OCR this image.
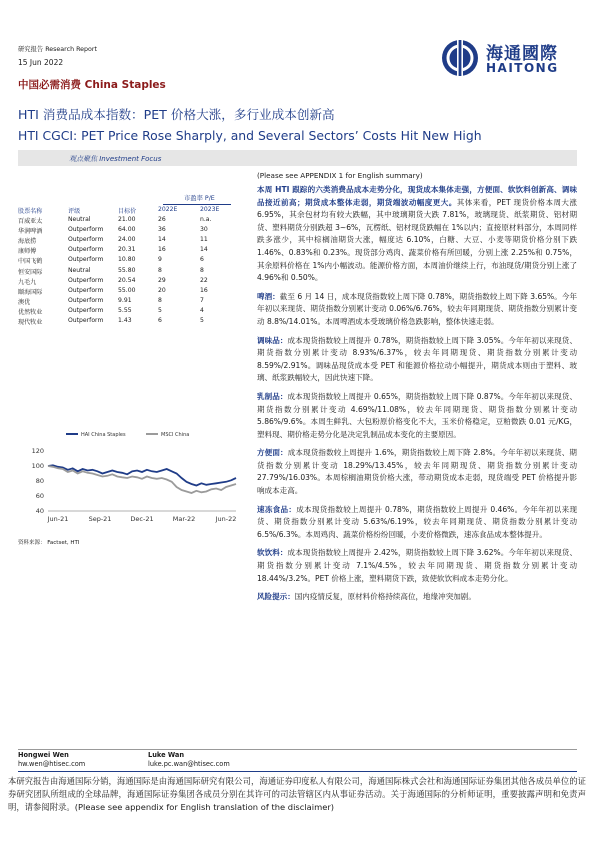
研究报告 Research Report
15 Jun 2022
中国必需消费 China Staples
海通國際
HAITONG
HTI 消费品成本指数：PET 价格大涨，多行业成本创新高
HTI CGCI: PET Price Rose Sharply, and Several Sectors’ Costs Hit New High
观点聚焦 Investment Focus
(Please see APPENDIX 1 for English summary)
市盈率 P/E
股票名称	评级	目标价	2022E	2023E
百威亚太	Neutral	21.00	26	n.a.
华润啤酒	Outperform	64.00	36	30
海底捞	Outperform	24.00	14	11
康师傅	Outperform	20.31	16	14
中国飞鹤	Outperform	10.80	9	6
恒安国际	Neutral	55.80	8	8
九毛九	Outperform	20.54	29	22
颐海国际	Outperform	55.00	20	16
澳优	Outperform	9.91	8	7
优然牧业	Outperform	5.55	5	4
现代牧业	Outperform	1.43	6	5
HAI China Staples	MSCI China
120
100
80
60
40
Jun-21	Sep-21	Dec-21	Mar-22	Jun-22
资料来源： Factset, HTI

本周 HTI 跟踪的六类消费品成本走势分化，现货成本集体走强，方便面、软饮料创新高、调味品接近前高；期货成本整体走弱，期货端波动幅度更大。其体来看，PET 现货价格本周大涨 6.95%，其余包材均有较大跌幅，其中玻璃期货大跌 7.81%，玻璃现货、纸浆期货、铝材期货、塑料期货分别跌超 3~6%，瓦楞纸、铝材现货跌幅在 1%以内；直接原材料部分，本周同样跌多涨少，其中棕榈油期货大涨，幅度达 6.10%，白糖、大豆、小麦等期货价格分别下跌 1.46%、0.83%和 0.23%。现货部分鸡肉、蔬菜价格有所回暖，分别上涨 2.25%和 0.75%，其余原料价格在 1%内小幅波动。能源价格方面，本周油价继续上行，布油现货/期货分别上涨了 4.96%和 0.50%。

啤酒：截至 6 月 14 日，成本现货指数较上周下降 0.78%，期货指数较上周下降 3.65%。今年年初以来现货、期货指数分别累计变动 0.06%/6.76%，较去年同期现货、期货指数分别累计变动 8.8%/14.01%。本周啤酒成本受玻璃价格急跌影响，整体快速走弱。

调味品：成本现货指数较上周提升 0.78%，期货指数较上周下降 3.05%。今年年初以来现货、期货指数分别累计变动 8.93%/6.37%，较去年同期现货、期货指数分别累计变动 8.59%/2.91%。调味品现货成本受 PET 和能源价格拉动小幅提升，期货成本则由于塑料、玻璃、纸浆跌幅较大，因此快速下降。

乳制品：成本现货指数较上周提升 0.65%，期货指数较上周下降 0.87%。今年年初以来现货、期货指数分别累计变动 4.69%/11.08%，较去年同期现货、期货指数分别累计变动 5.86%/9.6%。本周生鲜乳、大包粉原价格变化不大，玉米价格稳定，豆粕微跌 0.01 元/KG，塑料现、期价格走势分化是决定乳制品成本变化的主要原因。

方便面：成本现货指数较上周提升 1.6%，期货指数较上周下降 2.8%。今年年初以来现货、期货指数分别累计变动 18.29%/13.45%，较去年同期现货、期货指数分别累计变动 27.79%/16.03%。本周棕榈油期货价格大涨，带动期货成本走弱，现货端受 PET 价格提升影响成本走高。

速冻食品：成本现货指数较上周提升 0.78%，期货指数较上周提升 0.46%。今年年初以来现货、期货指数分别累计变动 5.63%/6.19%，较去年同期现货、期货指数分别累计变动 6.5%/6.3%。本周鸡肉、蔬菜价格纷纷回暖，小麦价格微跌，速冻食品成本整体提升。

软饮料：成本现货指数较上周提升 2.42%，期货指数较上周下降 3.62%。今年年初以来现货、期货指数分别累计变动 7.1%/4.5%，较去年同期现货、期货指数分别累计变动 18.44%/3.2%。PET 价格上涨，塑料期货下跌，致使软饮料成本走势分化。

风险提示：国内疫情反复，原材料价格持续高位，地缘冲突加剧。

Hongwei Wen
hw.wen@htisec.com
Luke Wan
luke.pc.wan@htisec.com
本研究报告由海通国际分销，海通国际是由海通国际研究有限公司，海通证券印度私人有限公司，海通国际株式会社和海通国际证券集团其他各成员单位的证券研究团队所组成的全球品牌，海通国际证券集团各成员分别在其许可的司法管辖区内从事证券活动。关于海通国际的分析师证明，重要披露声明和免责声明，请参阅附录。(Please see appendix for English translation of the disclaimer)
